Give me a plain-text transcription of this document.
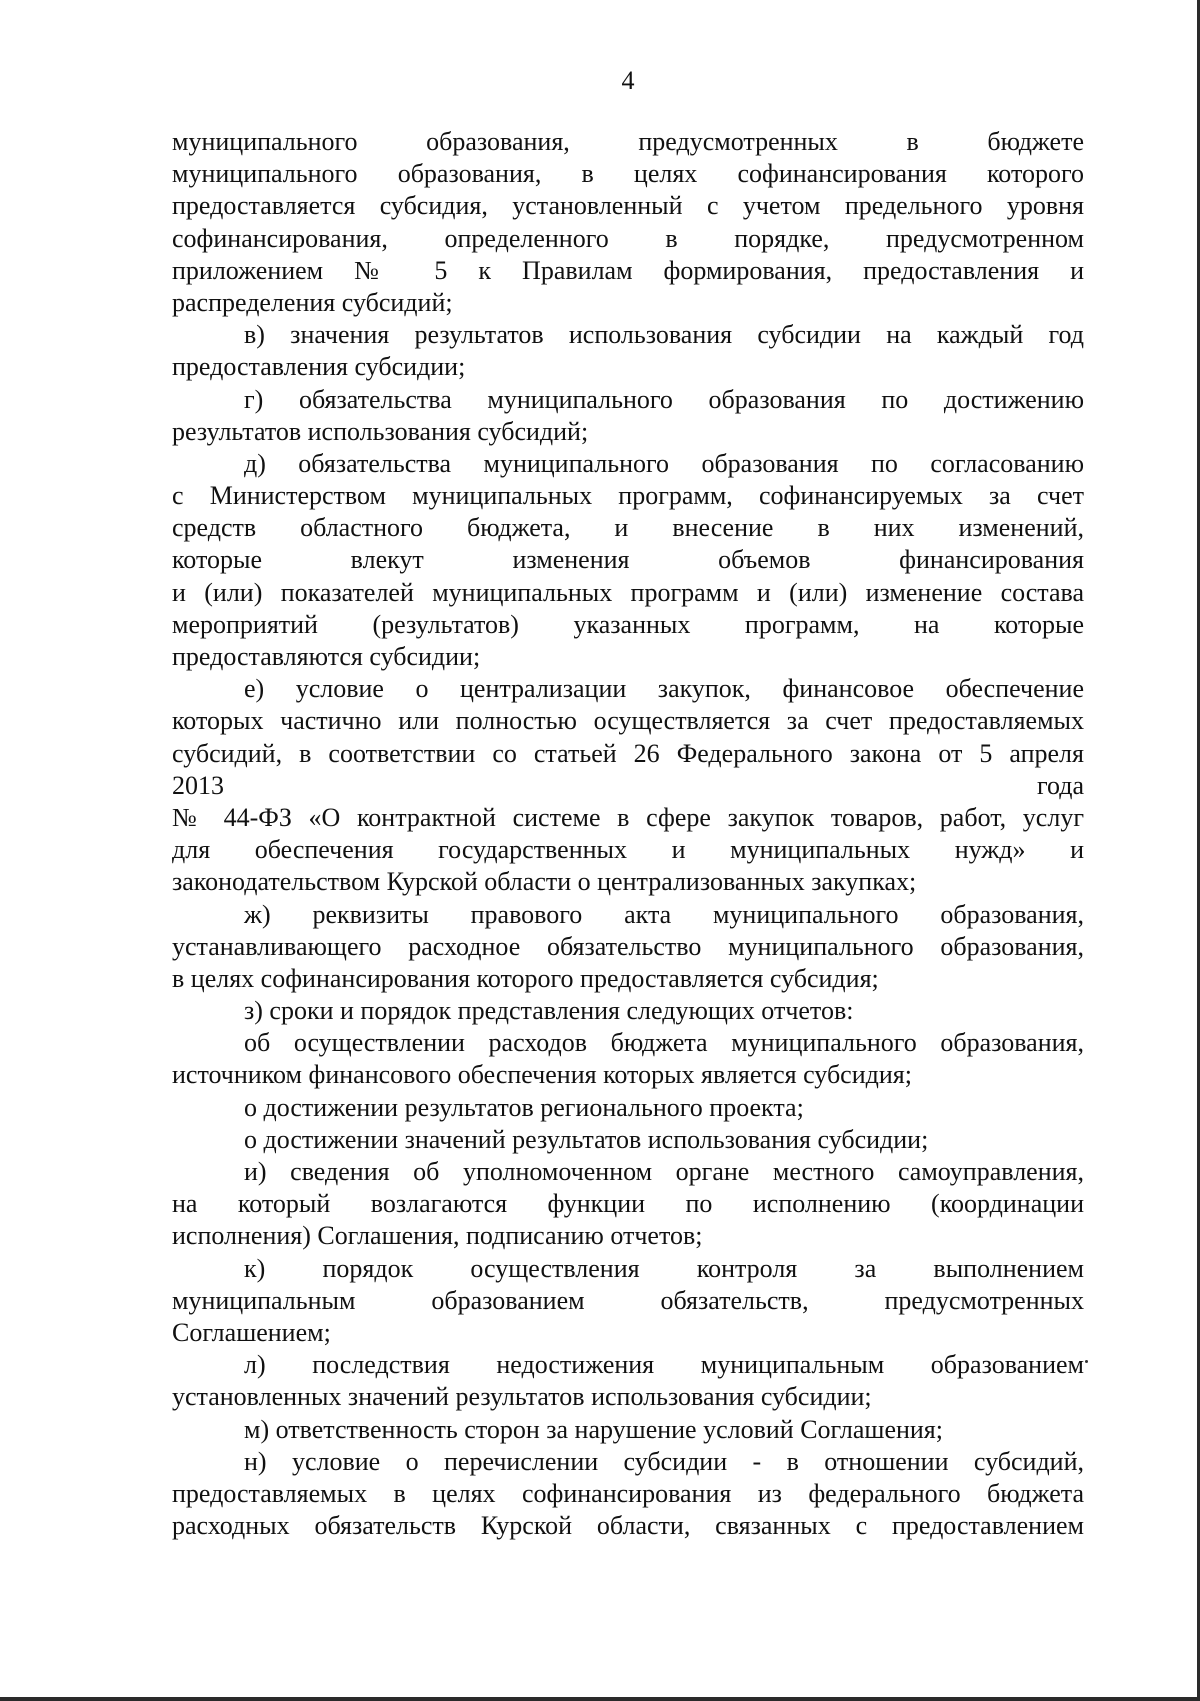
4
муниципального образования, предусмотренных в бюджете
муниципального образования, в целях софинансирования которого
предоставляется субсидия, установленный с учетом предельного уровня
софинансирования, определенного в порядке, предусмотренном
приложением № 5 к Правилам формирования, предоставления и
распределения субсидий;
в) значения результатов использования субсидии на каждый год
предоставления субсидии;
г) обязательства муниципального образования по достижению
результатов использования субсидий;
д) обязательства муниципального образования по согласованию
с Министерством муниципальных программ, софинансируемых за счет
средств областного бюджета, и внесение в них изменений,
которые влекут изменения объемов финансирования
и (или) показателей муниципальных программ и (или) изменение состава
мероприятий (результатов) указанных программ, на которые
предоставляются субсидии;
е) условие о централизации закупок, финансовое обеспечение
которых частично или полностью осуществляется за счет предоставляемых
субсидий, в соответствии со статьей 26 Федерального закона от 5 апреля
2013 года
№ 44-ФЗ «О контрактной системе в сфере закупок товаров, работ, услуг
для обеспечения государственных и муниципальных нужд» и
законодательством Курской области о централизованных закупках;
ж) реквизиты правового акта муниципального образования,
устанавливающего расходное обязательство муниципального образования,
в целях софинансирования которого предоставляется субсидия;
з) сроки и порядок представления следующих отчетов:
об осуществлении расходов бюджета муниципального образования,
источником финансового обеспечения которых является субсидия;
о достижении результатов регионального проекта;
о достижении значений результатов использования субсидии;
и) сведения об уполномоченном органе местного самоуправления,
на который возлагаются функции по исполнению (координации
исполнения) Соглашения, подписанию отчетов;
к) порядок осуществления контроля за выполнением
муниципальным образованием обязательств, предусмотренных
Соглашением;
л) последствия недостижения муниципальным образованием
установленных значений результатов использования субсидии;
м) ответственность сторон за нарушение условий Соглашения;
н) условие о перечислении субсидии - в отношении субсидий,
предоставляемых в целях софинансирования из федерального бюджета
расходных обязательств Курской области, связанных с предоставлением
